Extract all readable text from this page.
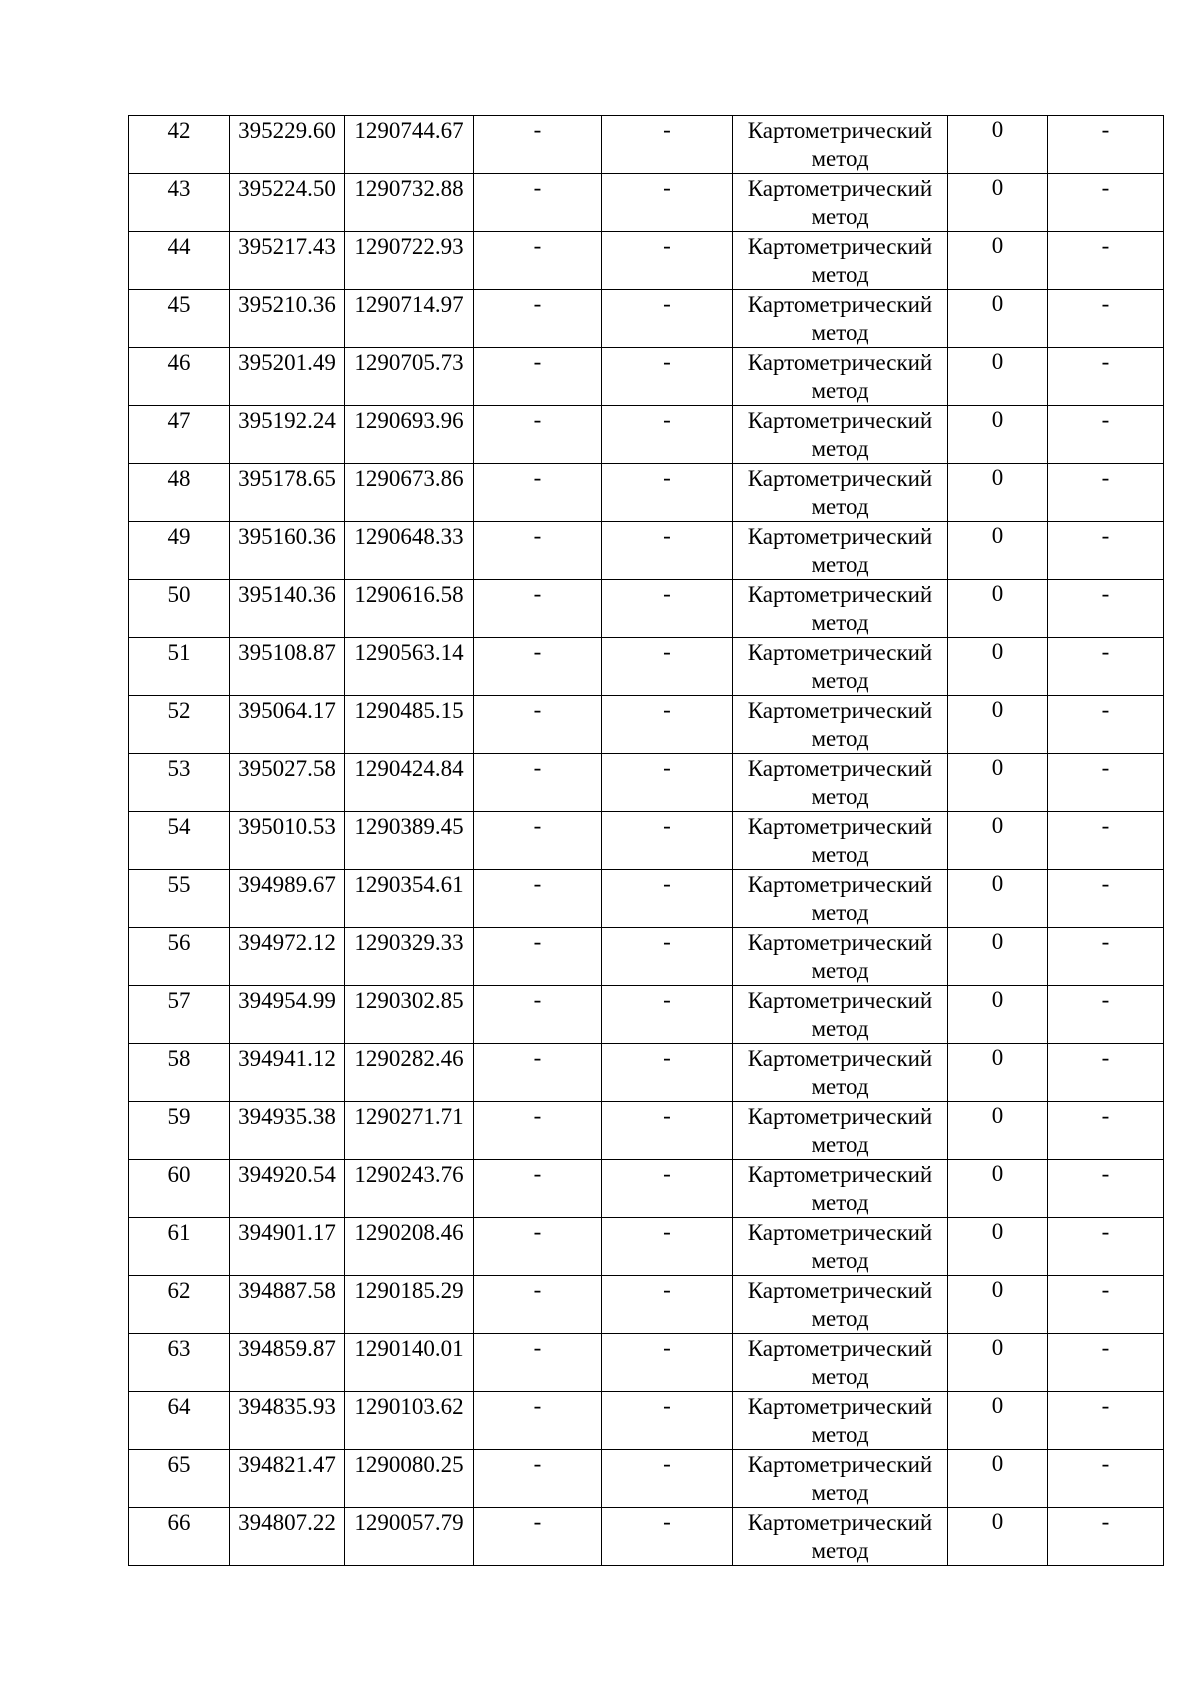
42	395229.60	1290744.67	-	-	Картометрический метод	0	-

43	395224.50	1290732.88	-	-	Картометрический метод	0	-

44	395217.43	1290722.93	-	-	Картометрический метод	0	-

45	395210.36	1290714.97	-	-	Картометрический метод	0	-

46	395201.49	1290705.73	-	-	Картометрический метод	0	-

47	395192.24	1290693.96	-	-	Картометрический метод	0	-

48	395178.65	1290673.86	-	-	Картометрический метод	0	-

49	395160.36	1290648.33	-	-	Картометрический метод	0	-

50	395140.36	1290616.58	-	-	Картометрический метод	0	-

51	395108.87	1290563.14	-	-	Картометрический метод	0	-

52	395064.17	1290485.15	-	-	Картометрический метод	0	-

53	395027.58	1290424.84	-	-	Картометрический метод	0	-

54	395010.53	1290389.45	-	-	Картометрический метод	0	-

55	394989.67	1290354.61	-	-	Картометрический метод	0	-

56	394972.12	1290329.33	-	-	Картометрический метод	0	-

57	394954.99	1290302.85	-	-	Картометрический метод	0	-

58	394941.12	1290282.46	-	-	Картометрический метод	0	-

59	394935.38	1290271.71	-	-	Картометрический метод	0	-

60	394920.54	1290243.76	-	-	Картометрический метод	0	-

61	394901.17	1290208.46	-	-	Картометрический метод	0	-

62	394887.58	1290185.29	-	-	Картометрический метод	0	-

63	394859.87	1290140.01	-	-	Картометрический метод	0	-

64	394835.93	1290103.62	-	-	Картометрический метод	0	-

65	394821.47	1290080.25	-	-	Картометрический метод	0	-

66	394807.22	1290057.79	-	-	Картометрический метод	0	-
